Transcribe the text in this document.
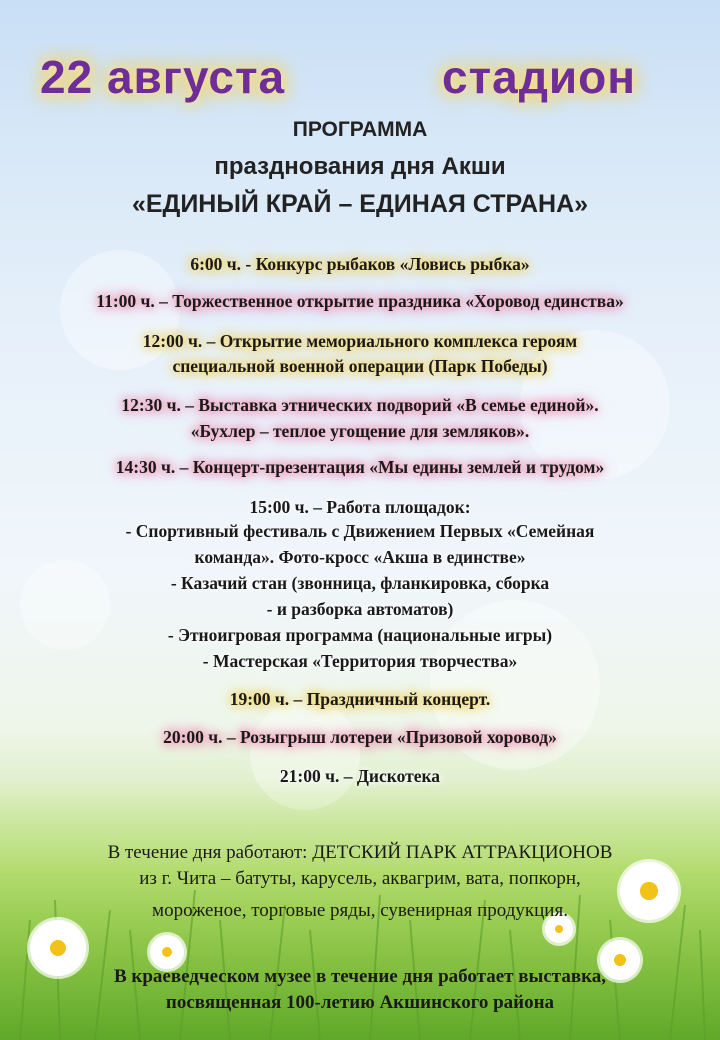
22 августа	стадион
ПРОГРАММА
празднования дня Акши
«ЕДИНЫЙ КРАЙ – ЕДИНАЯ СТРАНА»
6:00 ч. - Конкурс рыбаков «Ловись рыбка»
11:00 ч. – Торжественное открытие праздника «Хоровод единства»
12:00 ч. – Открытие мемориального комплекса героям
специальной военной операции (Парк Победы)
12:30 ч. – Выставка этнических подворий «В семье единой».
«Бухлер – теплое угощение для земляков».
14:30 ч. – Концерт-презентация «Мы едины землей и трудом»
15:00 ч. – Работа площадок:
- Спортивный фестиваль с Движением Первых «Семейная
команда». Фото-кросс «Акша в единстве»
- Казачий стан (звонница, фланкировка, сборка
- и разборка автоматов)
- Этноигровая программа (национальные игры)
- Мастерская «Территория творчества»
19:00 ч. – Праздничный концерт.
20:00 ч. – Розыгрыш лотереи «Призовой хоровод»
21:00 ч. – Дискотека
В течение дня работают: ДЕТСКИЙ ПАРК АТТРАКЦИОНОВ
из г. Чита – батуты, карусель, аквагрим, вата, попкорн,
мороженое, торговые ряды, сувенирная продукция.
В краеведческом музее в течение дня работает выставка,
посвященная 100-летию Акшинского района
